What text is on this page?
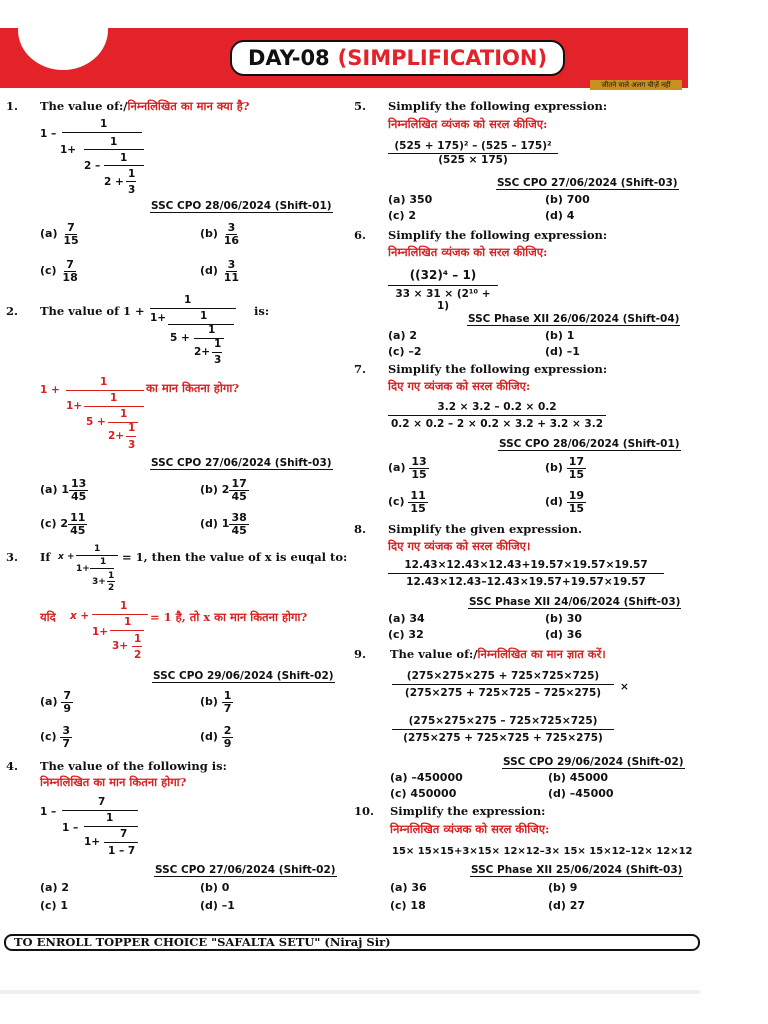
DAY-08 (SIMPLIFICATION)
जीतने वाले अलग चीज़ें नहीं
1. The value of:/निम्नलिखित का मान क्या है?
1 –
1
1+
1
2 –
1
2 +
1
3
SSC CPO 28/06/2024 (Shift-01)
$(a) \frac{7}{15}$	$(b) \frac{3}{16}$
$(c) \frac{7}{18}$	$(d) \frac{3}{11}$
2. The value of 1 +
1
1+	1
5 +
1
2+
1
3
is:
1 +
1
1+
1
5 +
1
2+
1
3
का मान कितना होगा?
SSC CPO 27/06/2024 (Shift-03)
(a) $1 \frac{13}{45}$	(b) $2 \frac{17}{45}$
(c) $2 \frac{11}{45}$	(d) $1 \frac{38}{45}$
3. If x +
1
1+
1
3+
1
2
= 1, then the value of x is euqal to:
यदि x +
1
1+
1
3+
1
2
= 1 है, तो x का मान कितना होगा?
SSC CPO 29/06/2024 (Shift-02)
$(a) \frac{7}{9}$	$(b) \frac{1}{7}$
$(c) \frac{3}{7}$	$(d) \frac{2}{9}$
4. The value of the following is:
निम्नलिखित का मान कितना होगा?
1 –
7
1 –
1
1+
7
1 – 7
SSC CPO 27/06/2024 (Shift-02)
(a) 2	(b) 0
(c) 1	(d) –1
5. Simplify the following expression:
निम्नलिखित व्यंजक को सरल कीजिए:
$\frac{\text{(525 + 175)² – (525 – 175)²}}{(525 \times 175)}$
SSC CPO 27/06/2024 (Shift-03)
(a) 350	(b) 700
(c) 2	(d) 4
6. Simplify the following expression:
निम्नलिखित व्यंजक को सरल कीजिए:
$\frac{\text{((32)⁴ – 1)}}{\text{33 × 31 × (2¹⁰ + 1)}}$
SSC Phase XII 26/06/2024 (Shift-04)
(a) 2	(b) 1
(c) –2	(d) –1
7. Simplify the following expression:
दिए गए व्यंजक को सरल कीजिए:
$\frac{3.2 \times 3.2 - 0.2 \times 0.2}{0.2 \times 0.2 - 2 \times 0.2 \times 3.2 + 3.2 \times 3.2}$
SSC CPO 28/06/2024 (Shift-01)
$(a) \frac{13}{15}$	$(b) \frac{17}{15}$
$(c) \frac{11}{15}$	$(d) \frac{19}{15}$
8. Simplify the given expression.
दिए गए व्यंजक को सरल कीजिए।
$\frac{12.43\times 12.43\times 12.43+19.57\times 19.57\times 19.57}{12.43\times 12.43-12.43\times 19.57+19.57\times 19.57}$
SSC Phase XII 24/06/2024 (Shift-03)
(a) 34	(b) 30
(c) 32	(d) 36
9. The value of:/निम्नलिखित का मान ज्ञात करें।
$\frac{(275\times 275\times 275 + 725\times 725\times 725)}{(275\times 275 + 725\times 725 - 725\times 275)}$ ×
$\frac{(275\times 275\times 275 - 725\times 725\times 725)}{(275\times 275 + 725\times 725 + 725\times 275)}$
SSC CPO 29/06/2024 (Shift-02)
(a) –450000	(b) 45000
(c) 450000	(d) –45000
10. Simplify the expression:
निम्नलिखित व्यंजक को सरल कीजिए:
15× 15×15+3×15× 12×12–3× 15× 15×12–12× 12×12
SSC Phase XII 25/06/2024 (Shift-03)
(a) 36	(b) 9
(c) 18	(d) 27
TO ENROLL TOPPER CHOICE "SAFALTA SETU" (Niraj Sir)
